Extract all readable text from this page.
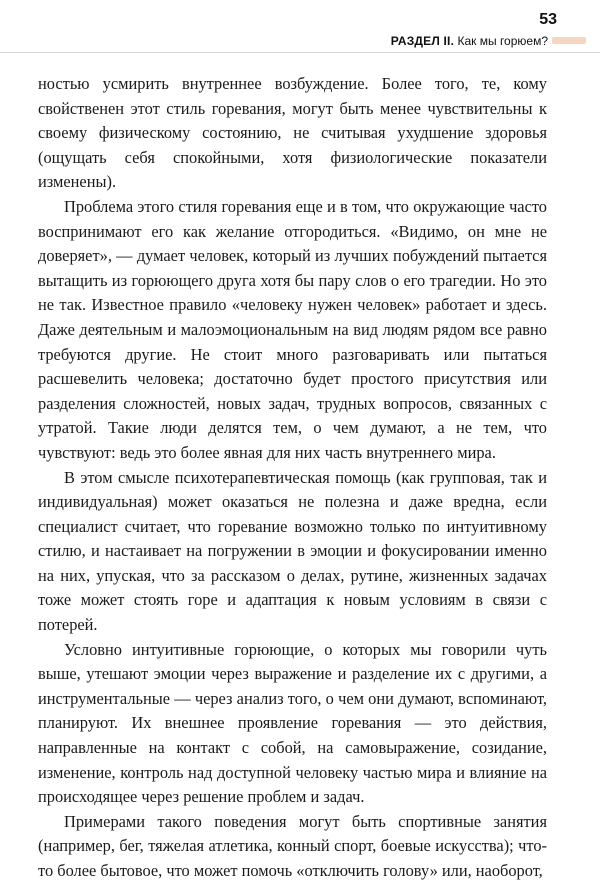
53
РАЗДЕЛ II. Как мы горюем?

ностью усмирить внутреннее возбуждение. Более того, те, кому свойственен этот стиль горевания, могут быть менее чувствительны к своему физическому состоянию, не считывая ухудшение здоровья (ощущать себя спокойными, хотя физиологические показатели изменены).

Проблема этого стиля горевания еще и в том, что окружающие часто воспринимают его как желание отгородиться. «Видимо, он мне не доверяет», — думает человек, который из лучших побуждений пытается вытащить из горюющего друга хотя бы пару слов о его трагедии. Но это не так. Известное правило «человеку нужен человек» работает и здесь. Даже деятельным и малоэмоциональным на вид людям рядом все равно требуются другие. Не стоит много разговаривать или пытаться расшевелить человека; достаточно будет простого присутствия или разделения сложностей, новых задач, трудных вопросов, связанных с утратой. Такие люди делятся тем, о чем думают, а не тем, что чувствуют: ведь это более явная для них часть внутреннего мира.

В этом смысле психотерапевтическая помощь (как групповая, так и индивидуальная) может оказаться не полезна и даже вредна, если специалист считает, что горевание возможно только по интуитивному стилю, и настаивает на погружении в эмоции и фокусировании именно на них, упуская, что за рассказом о делах, рутине, жизненных задачах тоже может стоять горе и адаптация к новым условиям в связи с потерей.

Условно интуитивные горюющие, о которых мы говорили чуть выше, утешают эмоции через выражение и разделение их с другими, а инструментальные — через анализ того, о чем они думают, вспоминают, планируют. Их внешнее проявление горевания — это действия, направленные на контакт с собой, на самовыражение, созидание, изменение, контроль над доступной человеку частью мира и влияние на происходящее через решение проблем и задач.

Примерами такого поведения могут быть спортивные занятия (например, бег, тяжелая атлетика, конный спорт, боевые искусства); что-то более бытовое, что может помочь «отключить голову» или, наоборот,
